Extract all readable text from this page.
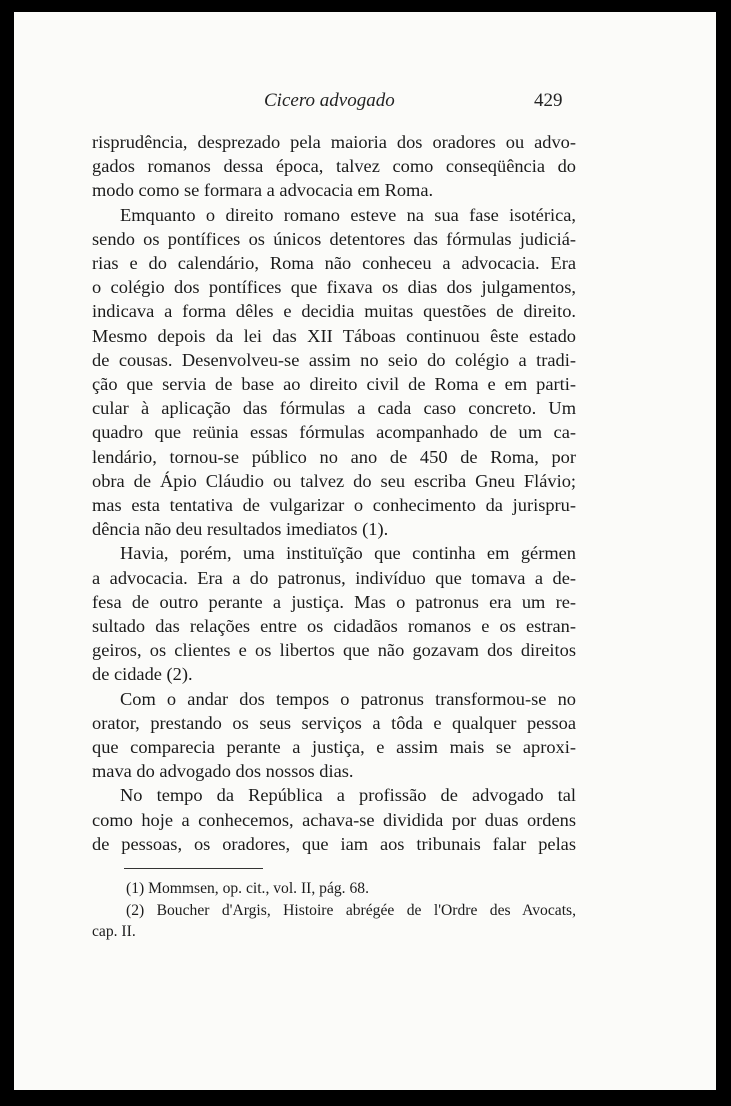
Cicero advogado	429

risprudência, desprezado pela maioria dos oradores ou advo-
gados romanos dessa época, talvez como conseqüência do
modo como se formara a advocacia em Roma.

Emquanto o direito romano esteve na sua fase isotérica,
sendo os pontífices os únicos detentores das fórmulas judiciá-
rias e do calendário, Roma não conheceu a advocacia. Era
o colégio dos pontífices que fixava os dias dos julgamentos,
indicava a forma dêles e decidia muitas questões de direito.
Mesmo depois da lei das XII Táboas continuou êste estado
de cousas. Desenvolveu-se assim no seio do colégio a tradi-
ção que servia de base ao direito civil de Roma e em parti-
cular à aplicação das fórmulas a cada caso concreto. Um
quadro que reünia essas fórmulas acompanhado de um ca-
lendário, tornou-se público no ano de 450 de Roma, por
obra de Ápio Cláudio ou talvez do seu escriba Gneu Flávio;
mas esta tentativa de vulgarizar o conhecimento da jurispru-
dência não deu resultados imediatos (1).

Havia, porém, uma instituïção que continha em gérmen
a advocacia. Era a do patronus, indivíduo que tomava a de-
fesa de outro perante a justiça. Mas o patronus era um re-
sultado das relações entre os cidadãos romanos e os estran-
geiros, os clientes e os libertos que não gozavam dos direitos
de cidade (2).

Com o andar dos tempos o patronus transformou-se no
orator, prestando os seus serviços a tôda e qualquer pessoa
que comparecia perante a justiça, e assim mais se aproxi-
mava do advogado dos nossos dias.

No tempo da República a profissão de advogado tal
como hoje a conhecemos, achava-se dividida por duas ordens
de pessoas, os oradores, que iam aos tribunais falar pelas

(1) Mommsen, op. cit., vol. II, pág. 68.
(2) Boucher d'Argis, Histoire abrégée de l'Ordre des Avocats,
cap. II.
